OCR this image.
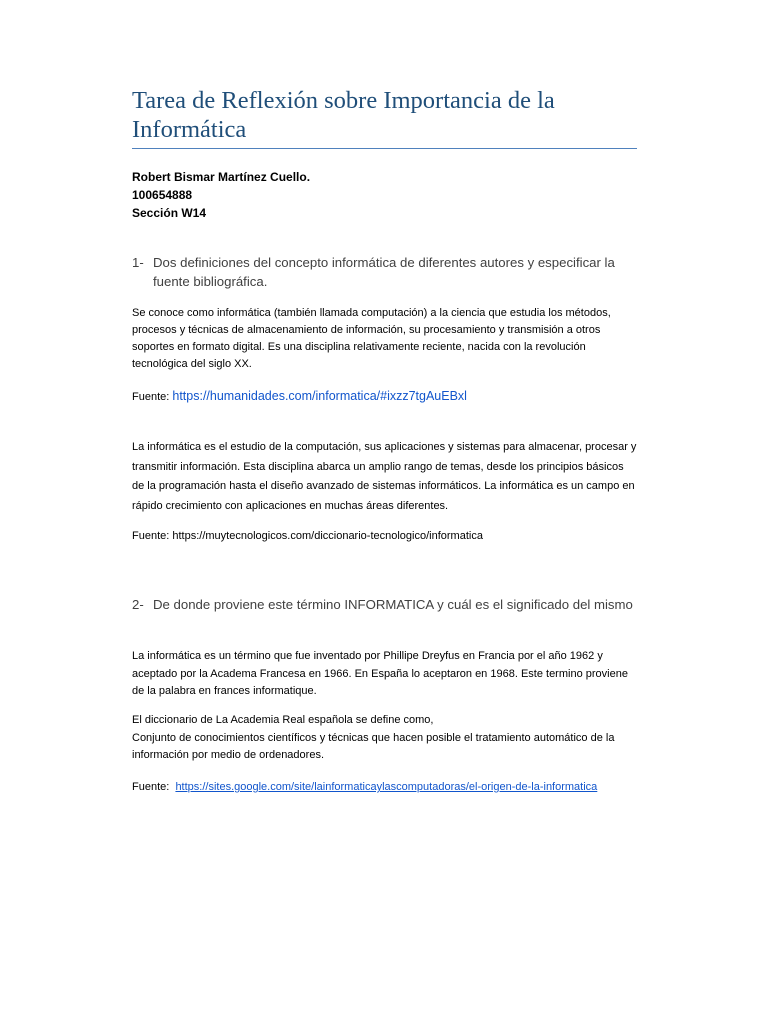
Tarea de Reflexión sobre Importancia de la Informática
Robert Bismar Martínez Cuello.
100654888
Sección W14
1- Dos definiciones del concepto informática de diferentes autores y especificar la fuente bibliográfica.
Se conoce como informática (también llamada computación) a la ciencia que estudia los métodos, procesos y técnicas de almacenamiento de información, su procesamiento y transmisión a otros soportes en formato digital. Es una disciplina relativamente reciente, nacida con la revolución tecnológica del siglo XX.
Fuente: https://humanidades.com/informatica/#ixzz7tgAuEBxl
La informática es el estudio de la computación, sus aplicaciones y sistemas para almacenar, procesar y transmitir información. Esta disciplina abarca un amplio rango de temas, desde los principios básicos de la programación hasta el diseño avanzado de sistemas informáticos. La informática es un campo en rápido crecimiento con aplicaciones en muchas áreas diferentes.
Fuente: https://muytecnologicos.com/diccionario-tecnologico/informatica
2- De donde proviene este término INFORMATICA y cuál es el significado del mismo
La informática es un término que fue inventado por Phillipe Dreyfus en Francia por el año 1962 y aceptado por la Academa Francesa en 1966. En España lo aceptaron en 1968. Este termino proviene de la palabra en frances informatique.
El diccionario de La Academia Real española se define como,
Conjunto de conocimientos científicos y técnicas que hacen posible el tratamiento automático de la información por medio de ordenadores.
Fuente: https://sites.google.com/site/lainformaticaylascomputadoras/el-origen-de-la-informatica
